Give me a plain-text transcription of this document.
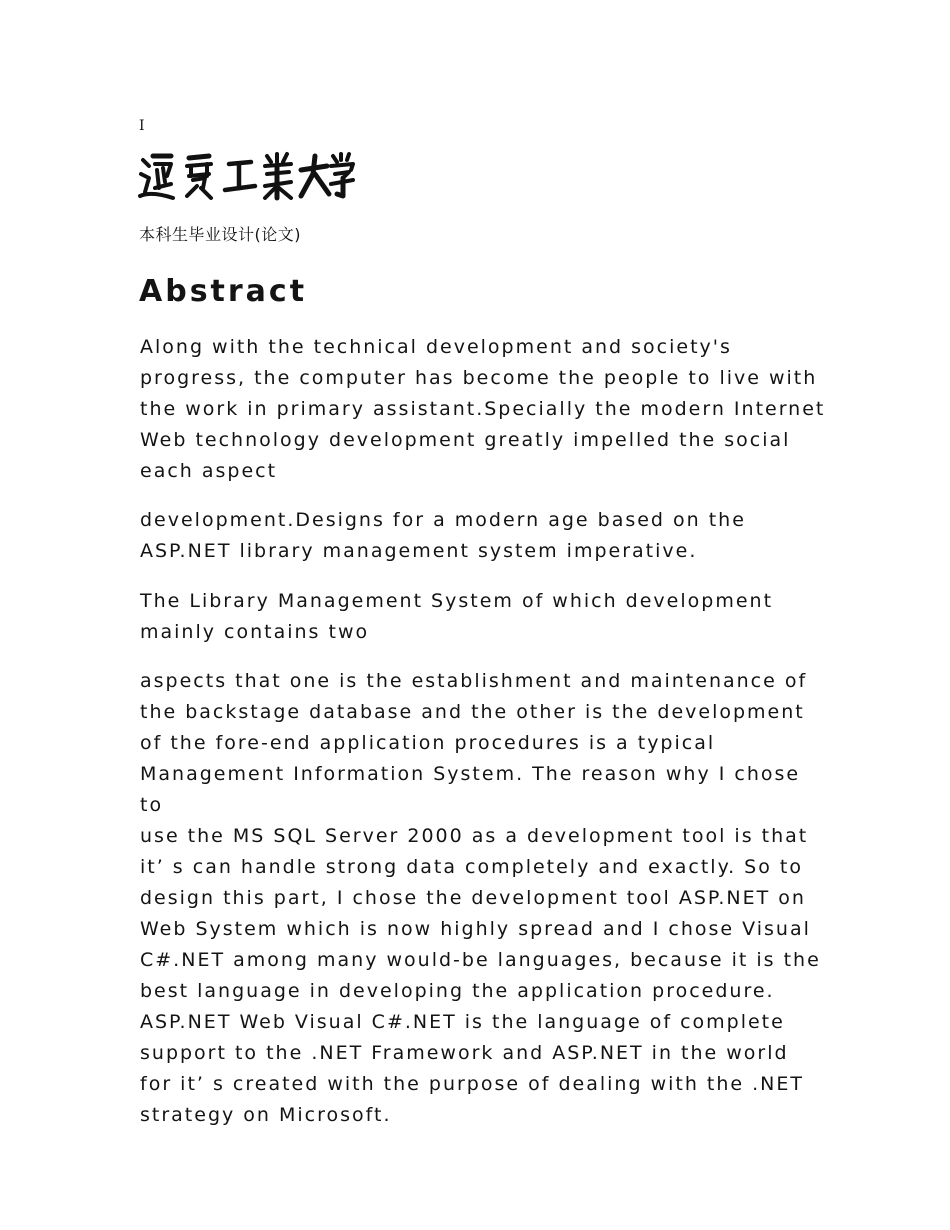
I
本科生毕业设计(论文)
Abstract

Along with the technical development and society's
progress, the computer has become the people to live with
the work in primary assistant.Specially the modern Internet
Web technology development greatly impelled the social
each aspect

development.Designs for a modern age based on the
ASP.NET library management system imperative.

The Library Management System of which development
mainly contains two

aspects that one is the establishment and maintenance of
the backstage database and the other is the development
of the fore-end application procedures is a typical
Management Information System. The reason why I chose to
use the MS SQL Server 2000 as a development tool is that
it’ s can handle strong data completely and exactly. So to
design this part, I chose the development tool ASP.NET on
Web System which is now highly spread and I chose Visual
C#.NET among many would-be languages, because it is the
best language in developing the application procedure.
ASP.NET Web Visual C#.NET is the language of complete
support to the .NET Framework and ASP.NET in the world
for it’ s created with the purpose of dealing with the .NET
strategy on Microsoft.
